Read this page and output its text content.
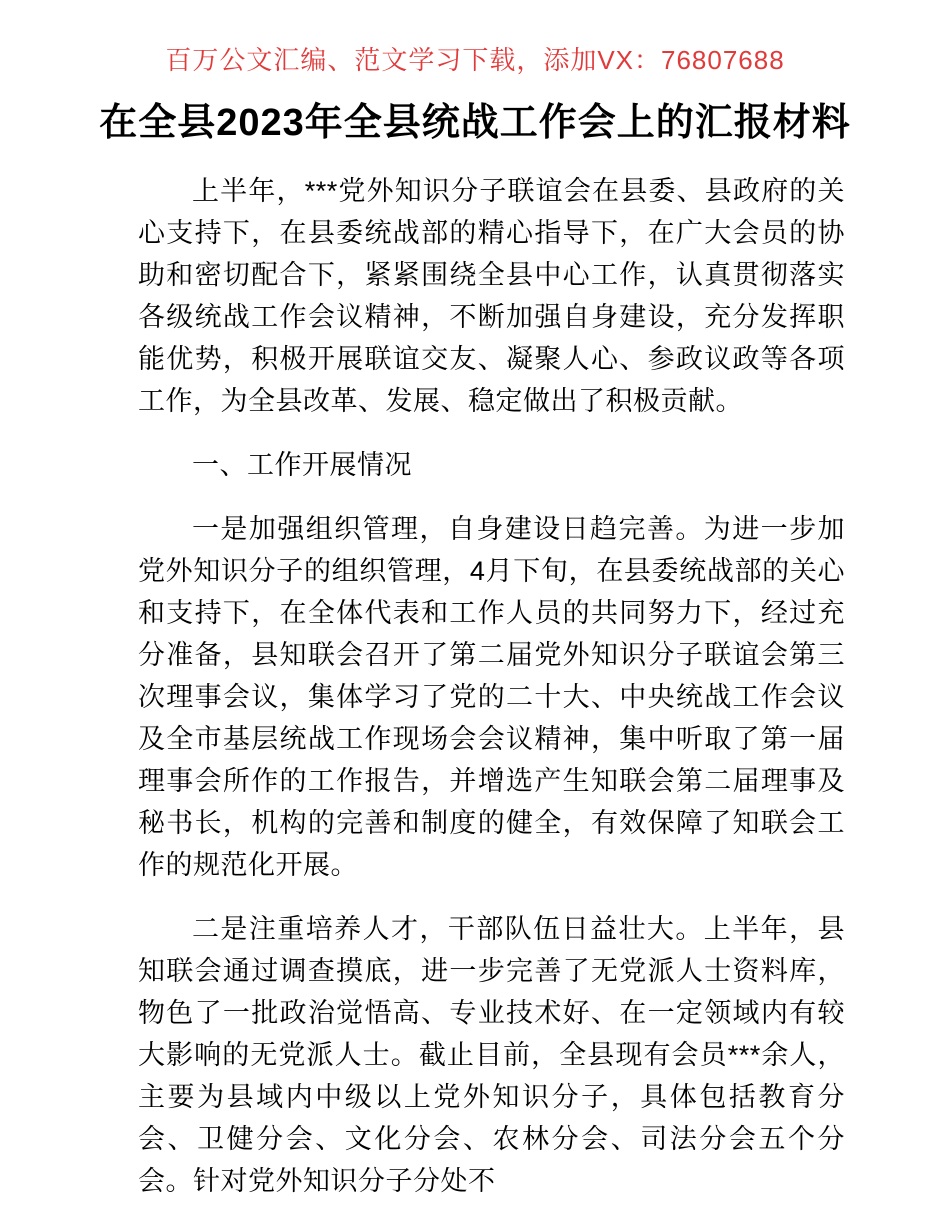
百万公文汇编、范文学习下载，添加VX：76807688
在全县2023年全县统战工作会上的汇报材料

上半年，***党外知识分子联谊会在县委、县政府的关心支持下，在县委统战部的精心指导下，在广大会员的协助和密切配合下，紧紧围绕全县中心工作，认真贯彻落实各级统战工作会议精神，不断加强自身建设，充分发挥职能优势，积极开展联谊交友、凝聚人心、参政议政等各项工作，为全县改革、发展、稳定做出了积极贡献。

一、工作开展情况

一是加强组织管理，自身建设日趋完善。为进一步加党外知识分子的组织管理，4月下旬，在县委统战部的关心和支持下，在全体代表和工作人员的共同努力下，经过充分准备，县知联会召开了第二届党外知识分子联谊会第三次理事会议，集体学习了党的二十大、中央统战工作会议及全市基层统战工作现场会会议精神，集中听取了第一届理事会所作的工作报告，并增选产生知联会第二届理事及秘书长，机构的完善和制度的健全，有效保障了知联会工作的规范化开展。

二是注重培养人才，干部队伍日益壮大。上半年，县知联会通过调查摸底，进一步完善了无党派人士资料库，物色了一批政治觉悟高、专业技术好、在一定领域内有较大影响的无党派人士。截止目前，全县现有会员***余人，主要为县域内中级以上党外知识分子，具体包括教育分会、卫健分会、文化分会、农林分会、司法分会五个分会。针对党外知识分子分处不
